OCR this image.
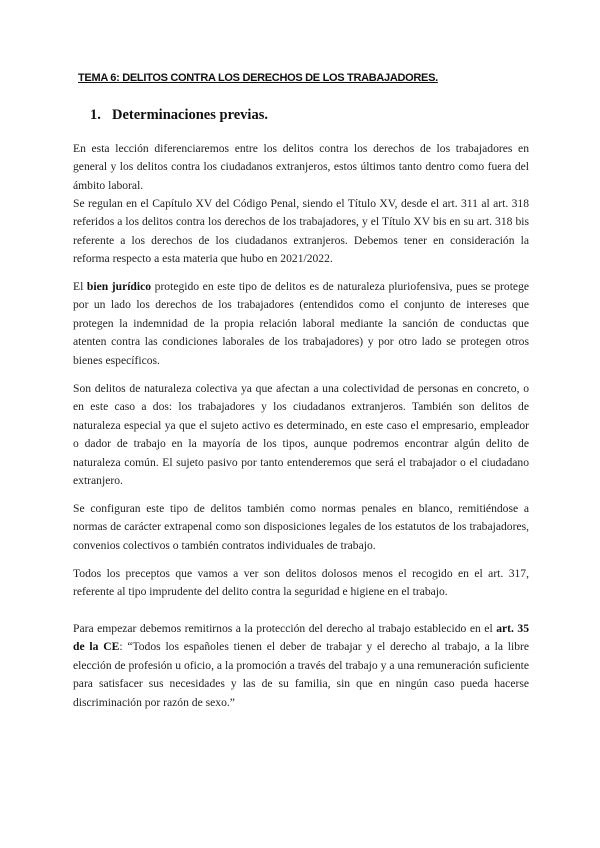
TEMA 6: DELITOS CONTRA LOS DERECHOS DE LOS TRABAJADORES.
1. Determinaciones previas.

En esta lección diferenciaremos entre los delitos contra los derechos de los trabajadores en general y los delitos contra los ciudadanos extranjeros, estos últimos tanto dentro como fuera del ámbito laboral.

Se regulan en el Capítulo XV del Código Penal, siendo el Título XV, desde el art. 311 al art. 318 referidos a los delitos contra los derechos de los trabajadores, y el Título XV bis en su art. 318 bis referente a los derechos de los ciudadanos extranjeros. Debemos tener en consideración la reforma respecto a esta materia que hubo en 2021/2022.

El bien jurídico protegido en este tipo de delitos es de naturaleza pluriofensiva, pues se protege por un lado los derechos de los trabajadores (entendidos como el conjunto de intereses que protegen la indemnidad de la propia relación laboral mediante la sanción de conductas que atenten contra las condiciones laborales de los trabajadores) y por otro lado se protegen otros bienes específicos.

Son delitos de naturaleza colectiva ya que afectan a una colectividad de personas en concreto, o en este caso a dos: los trabajadores y los ciudadanos extranjeros. También son delitos de naturaleza especial ya que el sujeto activo es determinado, en este caso el empresario, empleador o dador de trabajo en la mayoría de los tipos, aunque podremos encontrar algún delito de naturaleza común. El sujeto pasivo por tanto entenderemos que será el trabajador o el ciudadano extranjero.

Se configuran este tipo de delitos también como normas penales en blanco, remitiéndose a normas de carácter extrapenal como son disposiciones legales de los estatutos de los trabajadores, convenios colectivos o también contratos individuales de trabajo.

Todos los preceptos que vamos a ver son delitos dolosos menos el recogido en el art. 317, referente al tipo imprudente del delito contra la seguridad e higiene en el trabajo.

Para empezar debemos remitirnos a la protección del derecho al trabajo establecido en el art. 35 de la CE: “Todos los españoles tienen el deber de trabajar y el derecho al trabajo, a la libre elección de profesión u oficio, a la promoción a través del trabajo y a una remuneración suficiente para satisfacer sus necesidades y las de su familia, sin que en ningún caso pueda hacerse discriminación por razón de sexo.”
